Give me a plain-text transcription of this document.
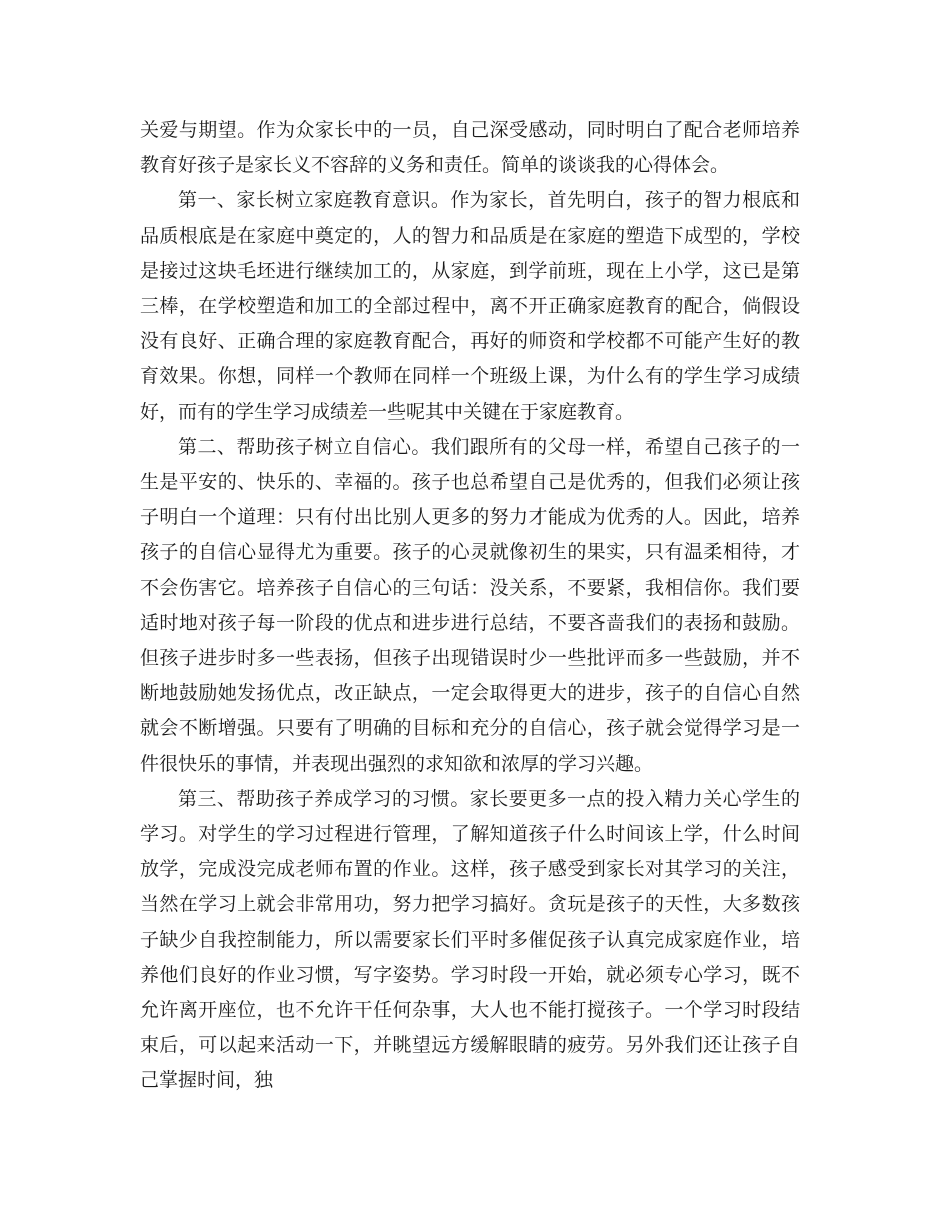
关爱与期望。作为众家长中的一员，自己深受感动，同时明白了配合老师培养教育好孩子是家长义不容辞的义务和责任。简单的谈谈我的心得体会。

第一、家长树立家庭教育意识。作为家长，首先明白，孩子的智力根底和品质根底是在家庭中奠定的，人的智力和品质是在家庭的塑造下成型的，学校是接过这块毛坯进行继续加工的，从家庭，到学前班，现在上小学，这已是第三棒，在学校塑造和加工的全部过程中，离不开正确家庭教育的配合，倘假设没有良好、正确合理的家庭教育配合，再好的师资和学校都不可能产生好的教育效果。你想，同样一个教师在同样一个班级上课，为什么有的学生学习成绩好，而有的学生学习成绩差一些呢其中关键在于家庭教育。

第二、帮助孩子树立自信心。我们跟所有的父母一样，希望自己孩子的一生是平安的、快乐的、幸福的。孩子也总希望自己是优秀的，但我们必须让孩子明白一个道理：只有付出比别人更多的努力才能成为优秀的人。因此，培养孩子的自信心显得尤为重要。孩子的心灵就像初生的果实，只有温柔相待，才不会伤害它。培养孩子自信心的三句话：没关系，不要紧，我相信你。我们要适时地对孩子每一阶段的优点和进步进行总结，不要吝啬我们的表扬和鼓励。但孩子进步时多一些表扬，但孩子出现错误时少一些批评而多一些鼓励，并不断地鼓励她发扬优点，改正缺点，一定会取得更大的进步，孩子的自信心自然就会不断增强。只要有了明确的目标和充分的自信心，孩子就会觉得学习是一件很快乐的事情，并表现出强烈的求知欲和浓厚的学习兴趣。

第三、帮助孩子养成学习的习惯。家长要更多一点的投入精力关心学生的学习。对学生的学习过程进行管理，了解知道孩子什么时间该上学，什么时间放学，完成没完成老师布置的作业。这样，孩子感受到家长对其学习的关注，当然在学习上就会非常用功，努力把学习搞好。贪玩是孩子的天性，大多数孩子缺少自我控制能力，所以需要家长们平时多催促孩子认真完成家庭作业，培养他们良好的作业习惯，写字姿势。学习时段一开始，就必须专心学习，既不允许离开座位，也不允许干任何杂事，大人也不能打搅孩子。一个学习时段结束后，可以起来活动一下，并眺望远方缓解眼睛的疲劳。另外我们还让孩子自己掌握时间，独
